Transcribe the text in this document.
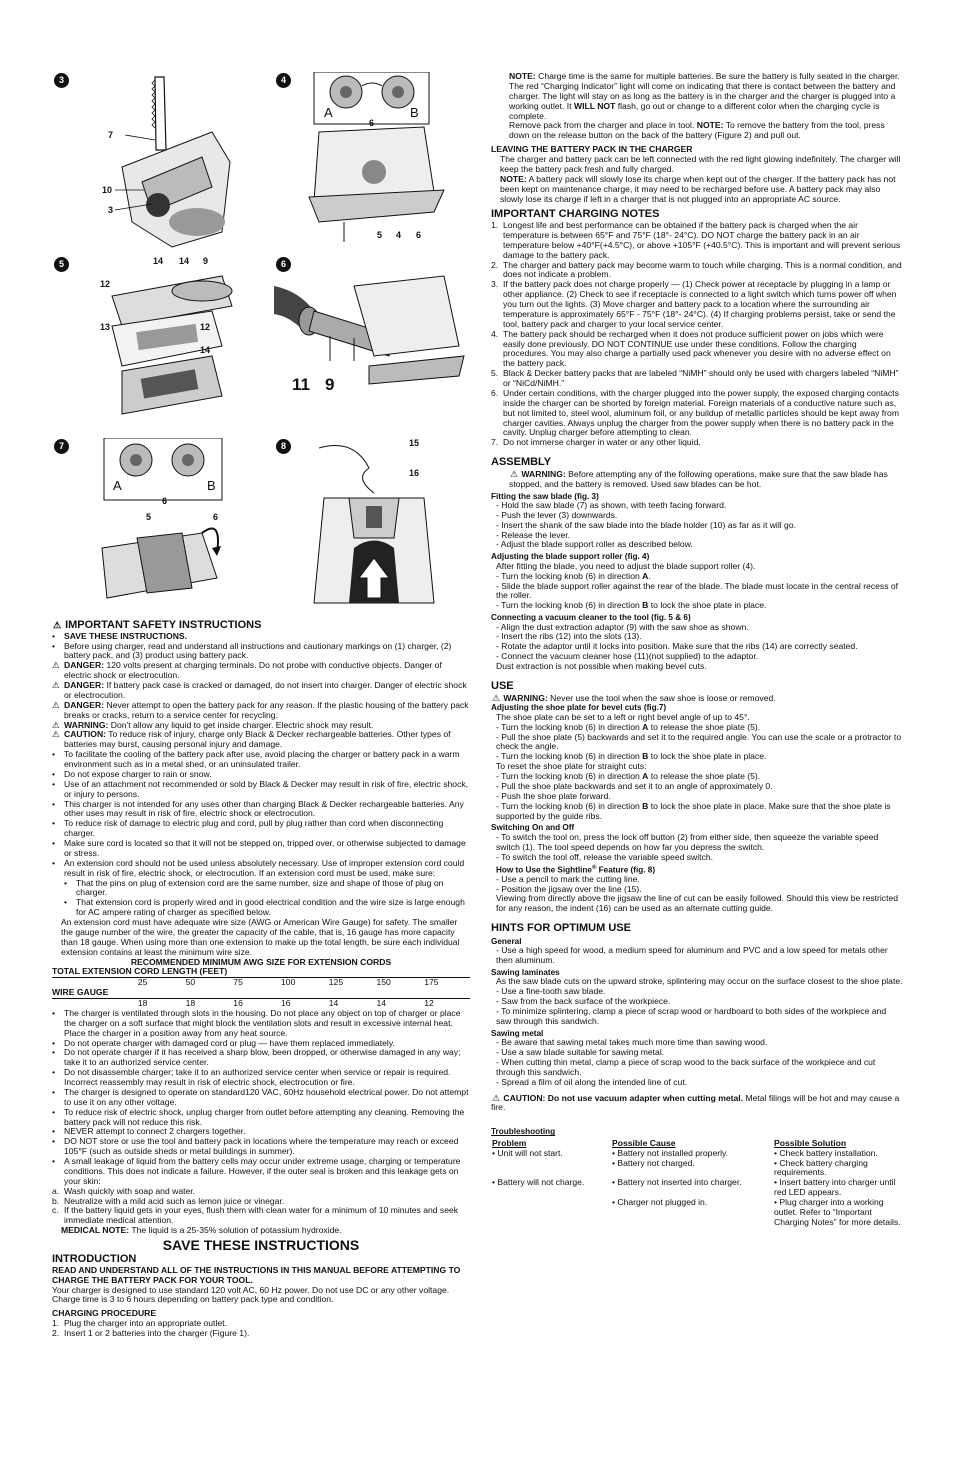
3
7
10
3
4
A	B
6
5 4 6
5	14 14 9
12
13	12
14
6
11 9
7
A	B
6
5	6
8	15
16
⚠ IMPORTANT SAFETY INSTRUCTIONS
• SAVE THESE INSTRUCTIONS.
• Before using charger, read and understand all instructions and cautionary markings on (1) charger, (2) battery pack, and (3) product using battery pack.
⚠ DANGER: 120 volts present at charging terminals. Do not probe with conductive objects. Danger of electric shock or electrocution.
⚠ DANGER: If battery pack case is cracked or damaged, do not insert into charger. Danger of electric shock or electrocution.
⚠ DANGER: Never attempt to open the battery pack for any reason. If the plastic housing of the battery pack breaks or cracks, return to a service center for recycling.
⚠ WARNING: Don't allow any liquid to get inside charger. Electric shock may result.
⚠ CAUTION: To reduce risk of injury, charge only Black & Decker rechargeable batteries. Other types of batteries may burst, causing personal injury and damage.
• To facilitate the cooling of the battery pack after use, avoid placing the charger or battery pack in a warm environment such as in a metal shed, or an uninsulated trailer.
• Do not expose charger to rain or snow.
• Use of an attachment not recommended or sold by Black & Decker may result in risk of fire, electric shock, or injury to persons.
• This charger is not intended for any uses other than charging Black & Decker rechargeable batteries. Any other uses may result in risk of fire, electric shock or electrocution.
• To reduce risk of damage to electric plug and cord, pull by plug rather than cord when disconnecting charger.
• Make sure cord is located so that it will not be stepped on, tripped over, or otherwise subjected to damage or stress.
• An extension cord should not be used unless absolutely necessary. Use of improper extension cord could result in risk of fire, electric shock, or electrocution. If an extension cord must be used, make sure:
• That the pins on plug of extension cord are the same number, size and shape of those of plug on charger.
• That extension cord is properly wired and in good electrical condition and the wire size is large enough for AC ampere rating of charger as specified below.

An extension cord must have adequate wire size (AWG or American Wire Gauge) for safety. The smaller the gauge number of the wire, the greater the capacity of the cable, that is, 16 gauge has more capacity than 18 gauge. When using more than one extension to make up the total length, be sure each individual extension contains at least the minimum wire size.

RECOMMENDED MINIMUM AWG SIZE FOR EXTENSION CORDS

TOTAL EXTENSION CORD LENGTH (FEET)

	25	50	75	100	125	150	175

WIRE GAUGE

	18	18	16	16	14	14	12
• The charger is ventilated through slots in the housing. Do not place any object on top of charger or place the charger on a soft surface that might block the ventilation slots and result in excessive internal heat. Place the charger in a position away from any heat source.
• Do not operate charger with damaged cord or plug — have them replaced immediately.
• Do not operate charger if it has received a sharp blow, been dropped, or otherwise damaged in any way; take it to an authorized service center.
• Do not disassemble charger; take it to an authorized service center when service or repair is required. Incorrect reassembly may result in risk of electric shock, electrocution or fire.
• The charger is designed to operate on standard120 VAC, 60Hz household electrical power. Do not attempt to use it on any other voltage.
• To reduce risk of electric shock, unplug charger from outlet before attempting any cleaning. Removing the battery pack will not reduce this risk.
• NEVER attempt to connect 2 chargers together.
• DO NOT store or use the tool and battery pack in locations where the temperature may reach or exceed 105°F (such as outside sheds or metal buildings in summer).
• A small leakage of liquid from the battery cells may occur under extreme usage, charging or temperature conditions. This does not indicate a failure. However, if the outer seal is broken and this leakage gets on your skin:
a. Wash quickly with soap and water.
b. Neutralize with a mild acid such as lemon juice or vinegar.
c. If the battery liquid gets in your eyes, flush them with clean water for a minimum of 10 minutes and seek immediate medical attention.

MEDICAL NOTE: The liquid is a 25-35% solution of potassium hydroxide.

SAVE THESE INSTRUCTIONS
INTRODUCTION

READ AND UNDERSTAND ALL OF THE INSTRUCTIONS IN THIS MANUAL BEFORE ATTEMPTING TO CHARGE THE BATTERY PACK FOR YOUR TOOL.

Your charger is designed to use standard 120 volt AC, 60 Hz power. Do not use DC or any other voltage. Charge time is 3 to 6 hours depending on battery pack type and condition.

CHARGING PROCEDURE
1. Plug the charger into an appropriate outlet.
2. Insert 1 or 2 batteries into the charger (Figure 1).

NOTE: Charge time is the same for multiple batteries. Be sure the battery is fully seated in the charger. The red “Charging Indicator” light will come on indicating that there is contact between the battery and charger. The light will stay on as long as the battery is in the charger and the charger is plugged into a working outlet. It WILL NOT flash, go out or change to a different color when the charging cycle is complete.

Remove pack from the charger and place in tool. NOTE: To remove the battery from the tool, press down on the release button on the back of the battery (Figure 2) and pull out.

LEAVING THE BATTERY PACK IN THE CHARGER

The charger and battery pack can be left connected with the red light glowing indefinitely. The charger will keep the battery pack fresh and fully charged.

NOTE: A battery pack will slowly lose its charge when kept out of the charger. If the battery pack has not been kept on maintenance charge, it may need to be recharged before use. A battery pack may also slowly lose its charge if left in a charger that is not plugged into an appropriate AC source.

IMPORTANT CHARGING NOTES
1. Longest life and best performance can be obtained if the battery pack is charged when the air temperature is between 65°F and 75°F (18°- 24°C). DO NOT charge the battery pack in an air temperature below +40°F(+4.5°C), or above +105°F (+40.5°C). This is important and will prevent serious damage to the battery pack.
2. The charger and battery pack may become warm to touch while charging. This is a normal condition, and does not indicate a problem.
3. If the battery pack does not charge properly — (1) Check power at receptacle by plugging in a lamp or other appliance. (2) Check to see if receptacle is connected to a light switch which turns power off when you turn out the lights. (3) Move charger and battery pack to a location where the surrounding air temperature is approximately 65°F - 75°F (18°- 24°C). (4) If charging problems persist, take or send the tool, battery pack and charger to your local service center.
4. The battery pack should be recharged when it does not produce sufficient power on jobs which were easily done previously. DO NOT CONTINUE use under these conditions. Follow the charging procedures. You may also charge a partially used pack whenever you desire with no adverse effect on the battery pack.
5. Black & Decker battery packs that are labeled “NiMH” should only be used with chargers labeled “NiMH” or “NiCd/NiMH.”
6. Under certain conditions, with the charger plugged into the power supply, the exposed charging contacts inside the charger can be shorted by foreign material. Foreign materials of a conductive nature such as, but not limited to, steel wool, aluminum foil, or any buildup of metallic particles should be kept away from charger cavities. Always unplug the charger from the power supply when there is no battery pack in the cavity. Unplug charger before attempting to clean.
7. Do not immerse charger in water or any other liquid.
ASSEMBLY

⚠ WARNING: Before attempting any of the following operations, make sure that the saw blade has stopped, and the battery is removed. Used saw blades can be hot.

Fitting the saw blade (fig. 3)

- Hold the saw blade (7) as shown, with teeth facing forward.

- Push the lever (3) downwards.

- Insert the shank of the saw blade into the blade holder (10) as far as it will go.

- Release the lever.

- Adjust the blade support roller as described below.

Adjusting the blade support roller (fig. 4)

After fitting the blade, you need to adjust the blade support roller (4).

- Turn the locking knob (6) in direction A.

- Slide the blade support roller against the rear of the blade. The blade must locate in the central recess of the roller.

- Turn the locking knob (6) in direction B to lock the shoe plate in place.

Connecting a vacuum cleaner to the tool (fig. 5 & 6)

- Align the dust extraction adaptor (9) with the saw shoe as shown.

- Insert the ribs (12) into the slots (13).

- Rotate the adaptor until it locks into position. Make sure that the ribs (14) are correctly seated.

- Connect the vacuum cleaner hose (11)(not supplied) to the adaptor.

Dust extraction is not possible when making bevel cuts.

USE

⚠ WARNING: Never use the tool when the saw shoe is loose or removed.

Adjusting the shoe plate for bevel cuts (fig.7)

The shoe plate can be set to a left or right bevel angle of up to 45°.

- Turn the locking knob (6) in direction A to release the shoe plate (5).

- Pull the shoe plate (5) backwards and set it to the required angle. You can use the scale or a protractor to check the angle.

- Turn the locking knob (6) in direction B to lock the shoe plate in place.

To reset the shoe plate for straight cuts:

- Turn the locking knob (6) in direction A to release the shoe plate (5).

- Pull the shoe plate backwards and set it to an angle of approximately 0.

- Push the shoe plate forward.

- Turn the locking knob (6) in direction B to lock the shoe plate in place. Make sure that the shoe plate is supported by the guide ribs.

Switching On and Off

- To switch the tool on, press the lock off button (2) from either side, then squeeze the variable speed switch (1). The tool speed depends on how far you depress the switch.

- To switch the tool off, release the variable speed switch.

How to Use the Sightline® Feature (fig. 8)

- Use a pencil to mark the cutting line.

- Position the jigsaw over the line (15).

Viewing from directly above the jigsaw the line of cut can be easily followed. Should this view be restricted for any reason, the indent (16) can be used as an alternate cutting guide.

HINTS FOR OPTIMUM USE
General

- Use a high speed for wood, a medium speed for aluminum and PVC and a low speed for metals other then aluminum.

Sawing laminates

As the saw blade cuts on the upward stroke, splintering may occur on the surface closest to the shoe plate.

- Use a fine-tooth saw blade.

- Saw from the back surface of the workpiece.

- To minimize splintering, clamp a piece of scrap wood or hardboard to both sides of the workpiece and saw through this sandwich.

Sawing metal

- Be aware that sawing metal takes much more time than sawing wood.

- Use a saw blade suitable for sawing metal.

- When cutting thin metal, clamp a piece of scrap wood to the back surface of the workpiece and cut through this sandwich.

- Spread a film of oil along the intended line of cut.

⚠ CAUTION: Do not use vacuum adapter when cutting metal. Metal filings will be hot and may cause a fire.

Troubleshooting
Problem	Possible Cause	Possible Solution
• Unit will not start.	• Battery not installed properly.	• Check battery installation.
	• Battery not charged.	• Check battery charging requirements.
• Battery will not charge.	• Battery not inserted into charger.	• Insert battery into charger until red LED appears.
	• Charger not plugged in.	• Plug charger into a working outlet. Refer to “Important Charging Notes” for more details.
